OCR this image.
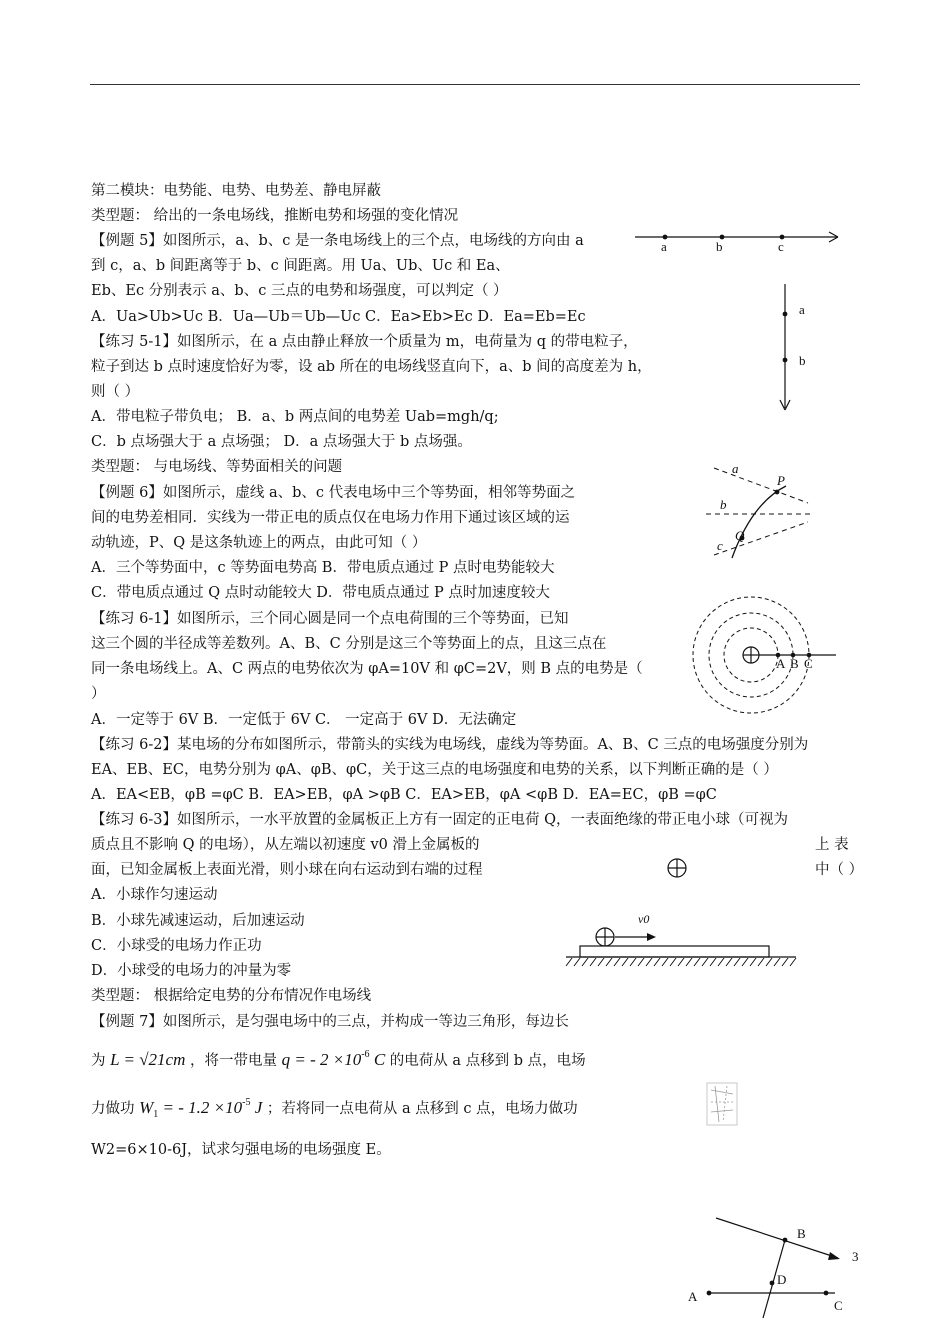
第二模块：电势能、电势、电势差、静电屏蔽
类型题： 给出的一条电场线，推断电势和场强的变化情况
【例题 5】如图所示，a、b、c 是一条电场线上的三个点，电场线的方向由 a
到 c，a、b 间距离等于 b、c 间距离。用 Ua、Ub、Uc 和 Ea、
Eb、Ec 分别表示 a、b、c 三点的电势和场强度，可以判定（ ）
A．Ua>Ub>Uc B．Ua—Ub＝Ub—Uc C．Ea>Eb>Ec D．Ea=Eb=Ec
a	b	c
【练习 5-1】如图所示，在 a 点由静止释放一个质量为 m，电荷量为 q 的带电粒子，
粒子到达 b 点时速度恰好为零，设 ab 所在的电场线竖直向下，a、b 间的高度差为 h，
则（ ）
A．带电粒子带负电； B．a、b 两点间的电势差 Uab=mgh/q;
C．b 点场强大于 a 点场强； D．a 点场强大于 b 点场强。
a
b
类型题： 与电场线、等势面相关的问题
【例题 6】如图所示，虚线 a、b、c 代表电场中三个等势面，相邻等势面之
间的电势差相同．实线为一带正电的质点仅在电场力作用下通过该区域的运
动轨迹，P、Q 是这条轨迹上的两点，由此可知（ ）
A．三个等势面中，c 等势面电势高 B．带电质点通过 P 点时电势能较大
C．带电质点通过 Q 点时动能较大 D．带电质点通过 P 点时加速度较大
a
P
b
c
Q
【练习 6-1】如图所示，三个同心圆是同一个点电荷围的三个等势面，已知
这三个圆的半径成等差数列。A、B、C 分别是这三个等势面上的点，且这三点在
同一条电场线上。A、C 两点的电势依次为 φA=10V 和 φC=2V，则 B 点的电势是（
）
A．一定等于 6V B．一定低于 6V C． 一定高于 6V D．无法确定
A B C
【练习 6-2】某电场的分布如图所示，带箭头的实线为电场线，虚线为等势面。A、B、C 三点的电场强度分别为
EA、EB、EC，电势分别为 φA、φB、φC，关于这三点的电场强度和电势的关系，以下判断正确的是（ ）
A．EA<EB，φB =φC B．EA>EB，φA >φB C．EA>EB，φA <φB D．EA=EC，φB =φC
【练习 6-3】如图所示，一水平放置的金属板正上方有一固定的正电荷 Q，一表面绝缘的带正电小球（可视为
质点且不影响 Q 的电场），从左端以初速度 v0 滑上金属板的	上 表
面，已知金属板上表面光滑，则小球在向右运动到右端的过程	中（ ）
A．小球作匀速运动
B．小球先减速运动，后加速运动
C．小球受的电场力作正功
D．小球受的电场力的冲量为零
v0
类型题： 根据给定电势的分布情况作电场线
【例题 7】如图所示，是匀强电场中的三点，并构成一等边三角形，每边长
为 L = √21cm ，将一带电量 q = - $2 \times 10^{-6}$ C 的电荷从 a 点移到 b 点，电场
力做功 $W_1$ = - $1.2 \times 10^{-5}$ J ；若将同一点电荷从 a 点移到 c 点，电场力做功
W2=6×10-6J，试求匀强电场的电场强度 E。
B
3
D
A
C
